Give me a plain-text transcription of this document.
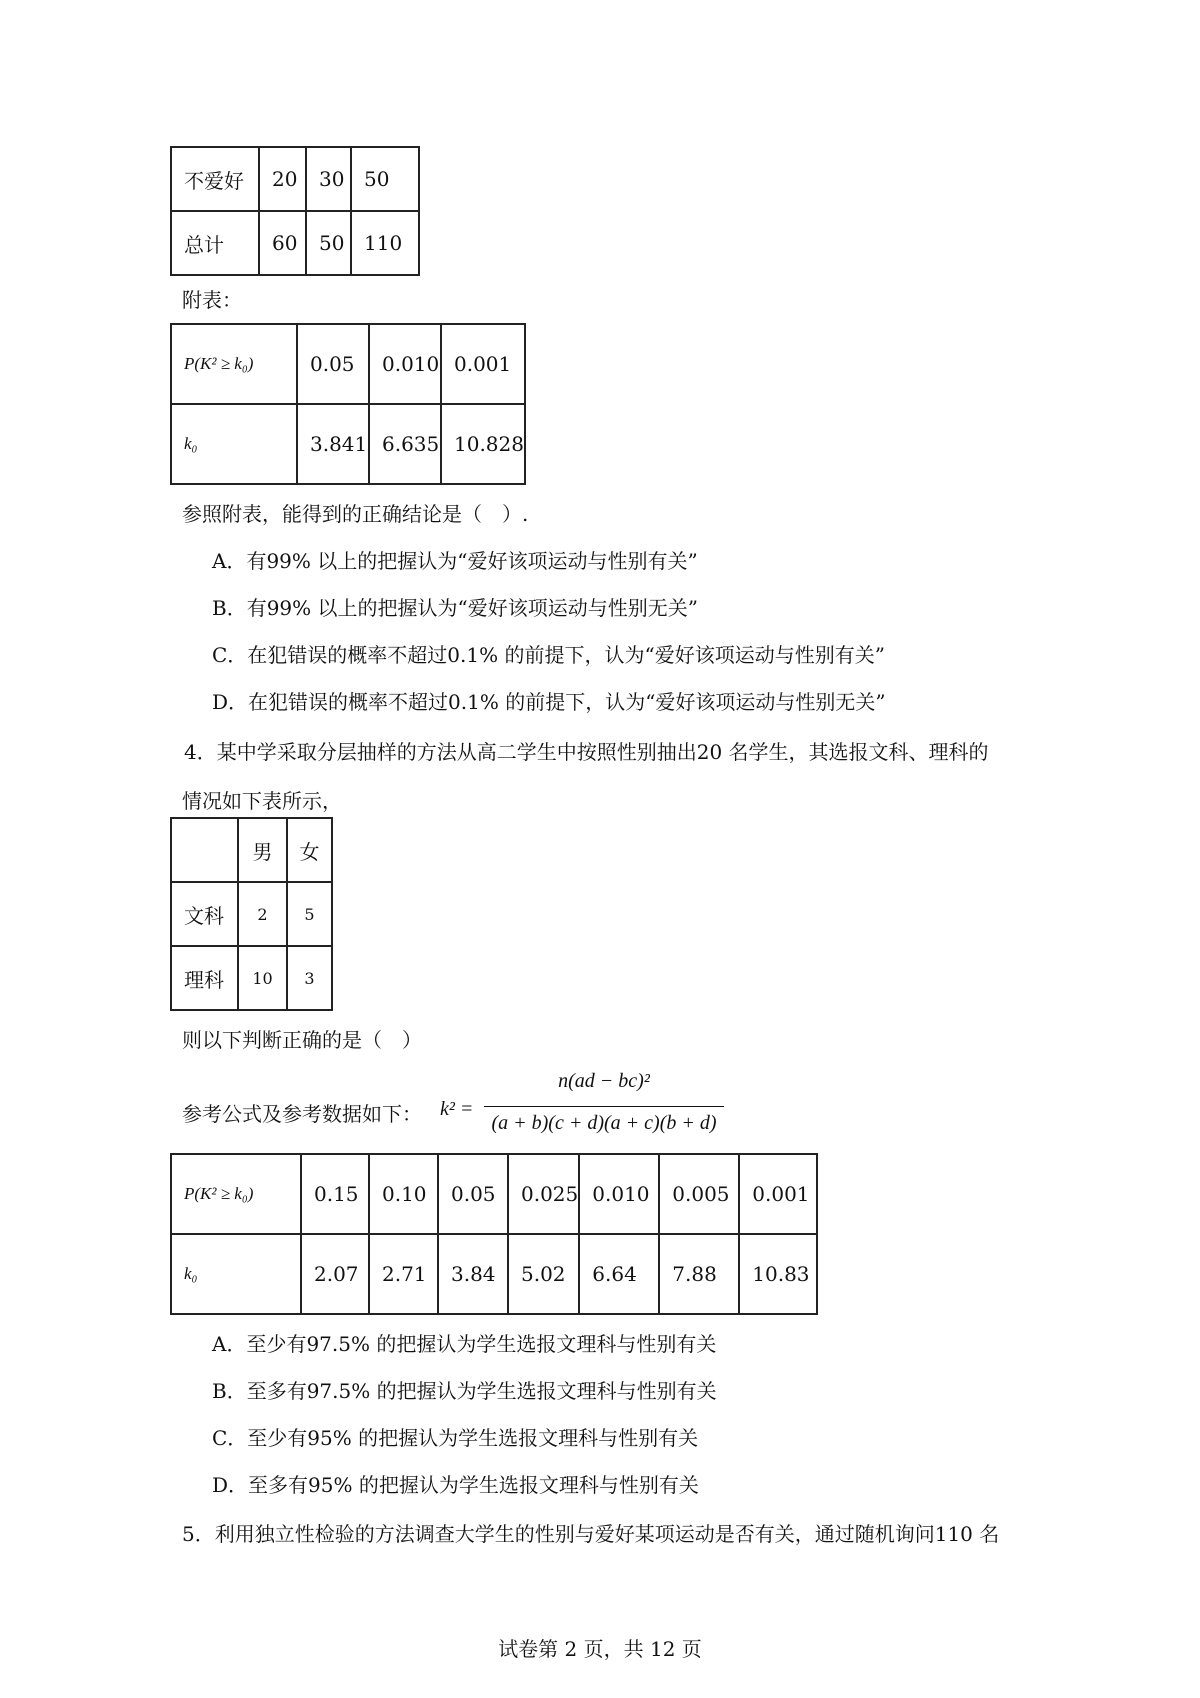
不爱好	20	30	50

总计	60	50	110
附表：
P(K² ≥ k₀)	0.05	0.010	0.001

k₀	3.841	6.635	10.828
参照附表，能得到的正确结论是（　）.
A．有99% 以上的把握认为“爱好该项运动与性别有关”
B．有99% 以上的把握认为“爱好该项运动与性别无关”
C．在犯错误的概率不超过0.1% 的前提下，认为“爱好该项运动与性别有关”
D．在犯错误的概率不超过0.1% 的前提下，认为“爱好该项运动与性别无关”
4．某中学采取分层抽样的方法从高二学生中按照性别抽出20 名学生，其选报文科、理科的
情况如下表所示，
	男	女

文科	2	5

理科	10	3
则以下判断正确的是（　）
参考公式及参考数据如下： k² =
n(ad − bc)²
(a + b)(c + d)(a + c)(b + d)
P(K² ≥ k₀)	0.15	0.10	0.05	0.025	0.010	0.005	0.001

k₀	2.07	2.71	3.84	5.02	6.64	7.88	10.83
A．至少有97.5% 的把握认为学生选报文理科与性别有关
B．至多有97.5% 的把握认为学生选报文理科与性别有关
C．至少有95% 的把握认为学生选报文理科与性别有关
D．至多有95% 的把握认为学生选报文理科与性别有关
5．利用独立性检验的方法调查大学生的性别与爱好某项运动是否有关，通过随机询问110 名
试卷第 2 页，共 12 页
